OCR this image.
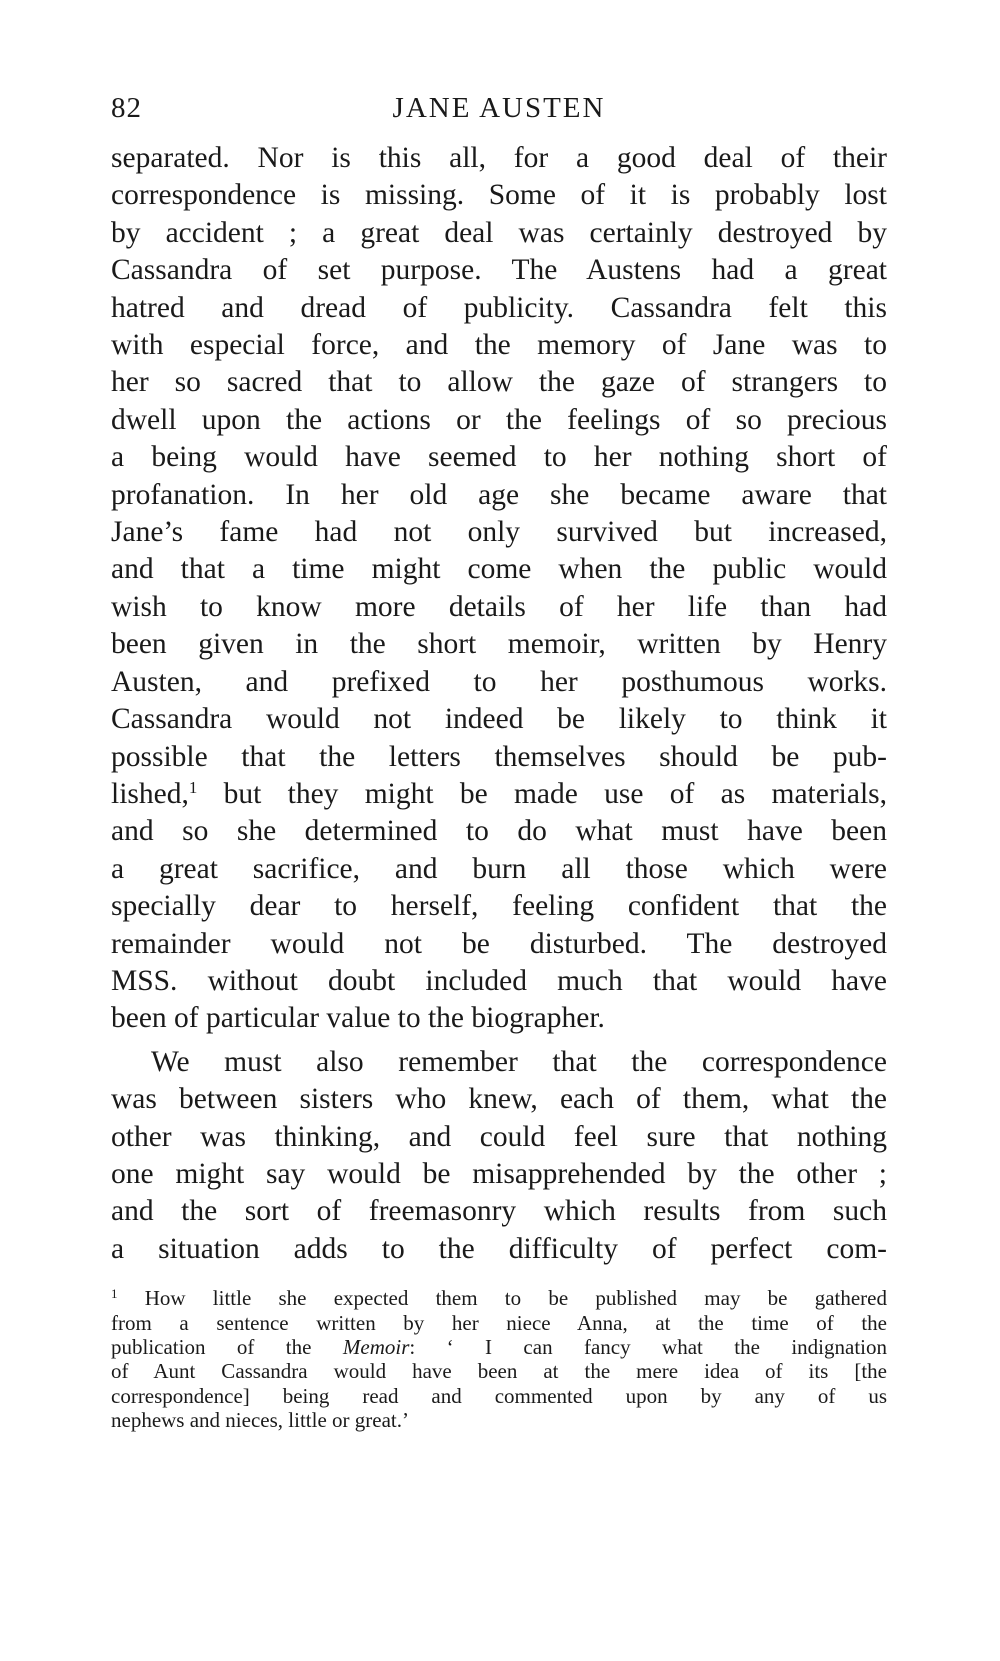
82	JANE AUSTEN
separated. Nor is this all, for a good deal of their
correspondence is missing. Some of it is probably lost
by accident ; a great deal was certainly destroyed by
Cassandra of set purpose. The Austens had a great
hatred and dread of publicity. Cassandra felt this
with especial force, and the memory of Jane was to
her so sacred that to allow the gaze of strangers to
dwell upon the actions or the feelings of so precious
a being would have seemed to her nothing short of
profanation. In her old age she became aware that
Jane’s fame had not only survived but increased,
and that a time might come when the public would
wish to know more details of her life than had
been given in the short memoir, written by Henry
Austen, and prefixed to her posthumous works.
Cassandra would not indeed be likely to think it
possible that the letters themselves should be pub-
lished,$^1$ but they might be made use of as materials,
and so she determined to do what must have been
a great sacrifice, and burn all those which were
specially dear to herself, feeling confident that the
remainder would not be disturbed. The destroyed
MSS. without doubt included much that would have
been of particular value to the biographer.
We must also remember that the correspondence
was between sisters who knew, each of them, what the
other was thinking, and could feel sure that nothing
one might say would be misapprehended by the other ;
and the sort of freemasonry which results from such
a situation adds to the difficulty of perfect com-
$^1$ How little she expected them to be published may be gathered
from a sentence written by her niece Anna, at the time of the
publication of the Memoir: ‘ I can fancy what the indignation
of Aunt Cassandra would have been at the mere idea of its [the
correspondence] being read and commented upon by any of us
nephews and nieces, little or great.’
